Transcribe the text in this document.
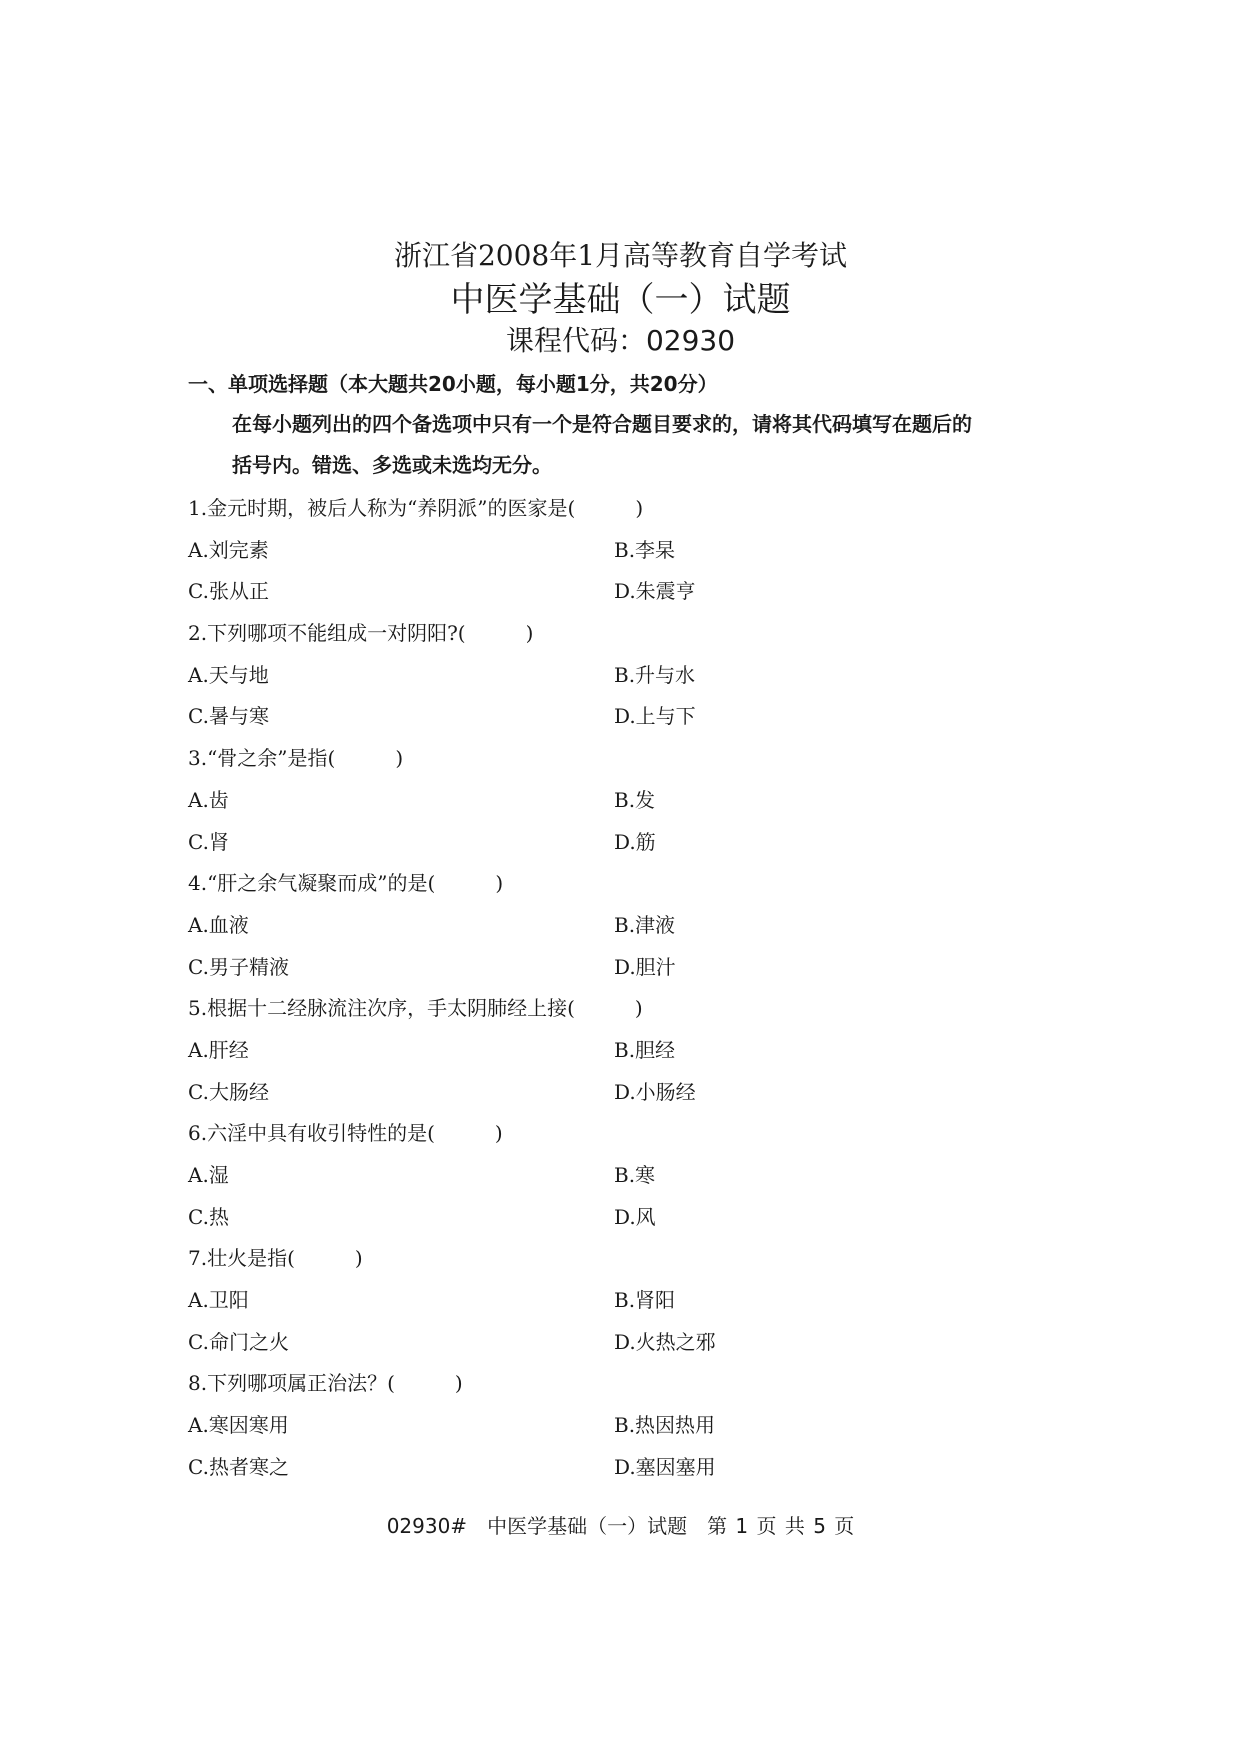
浙江省2008年1月高等教育自学考试
中医学基础（一）试题
课程代码：02930
一、单项选择题（本大题共20小题，每小题1分，共20分）
在每小题列出的四个备选项中只有一个是符合题目要求的，请将其代码填写在题后的
括号内。错选、多选或未选均无分。
1.金元时期，被后人称为“养阴派”的医家是(　　　)
A.刘完素	B.李杲
C.张从正	D.朱震亨
2.下列哪项不能组成一对阴阳?(　　　)
A.天与地	B.升与水
C.暑与寒	D.上与下
3.“骨之余”是指(　　　)
A.齿	B.发
C.肾	D.筋
4.“肝之余气凝聚而成”的是(　　　)
A.血液	B.津液
C.男子精液	D.胆汁
5.根据十二经脉流注次序，手太阴肺经上接(　　　)
A.肝经	B.胆经
C.大肠经	D.小肠经
6.六淫中具有收引特性的是(　　　)
A.湿	B.寒
C.热	D.风
7.壮火是指(　　　)
A.卫阳	B.肾阳
C.命门之火	D.火热之邪
8.下列哪项属正治法？(　　　)
A.寒因寒用	B.热因热用
C.热者寒之	D.塞因塞用
02930#　中医学基础（一）试题　第 1 页 共 5 页
